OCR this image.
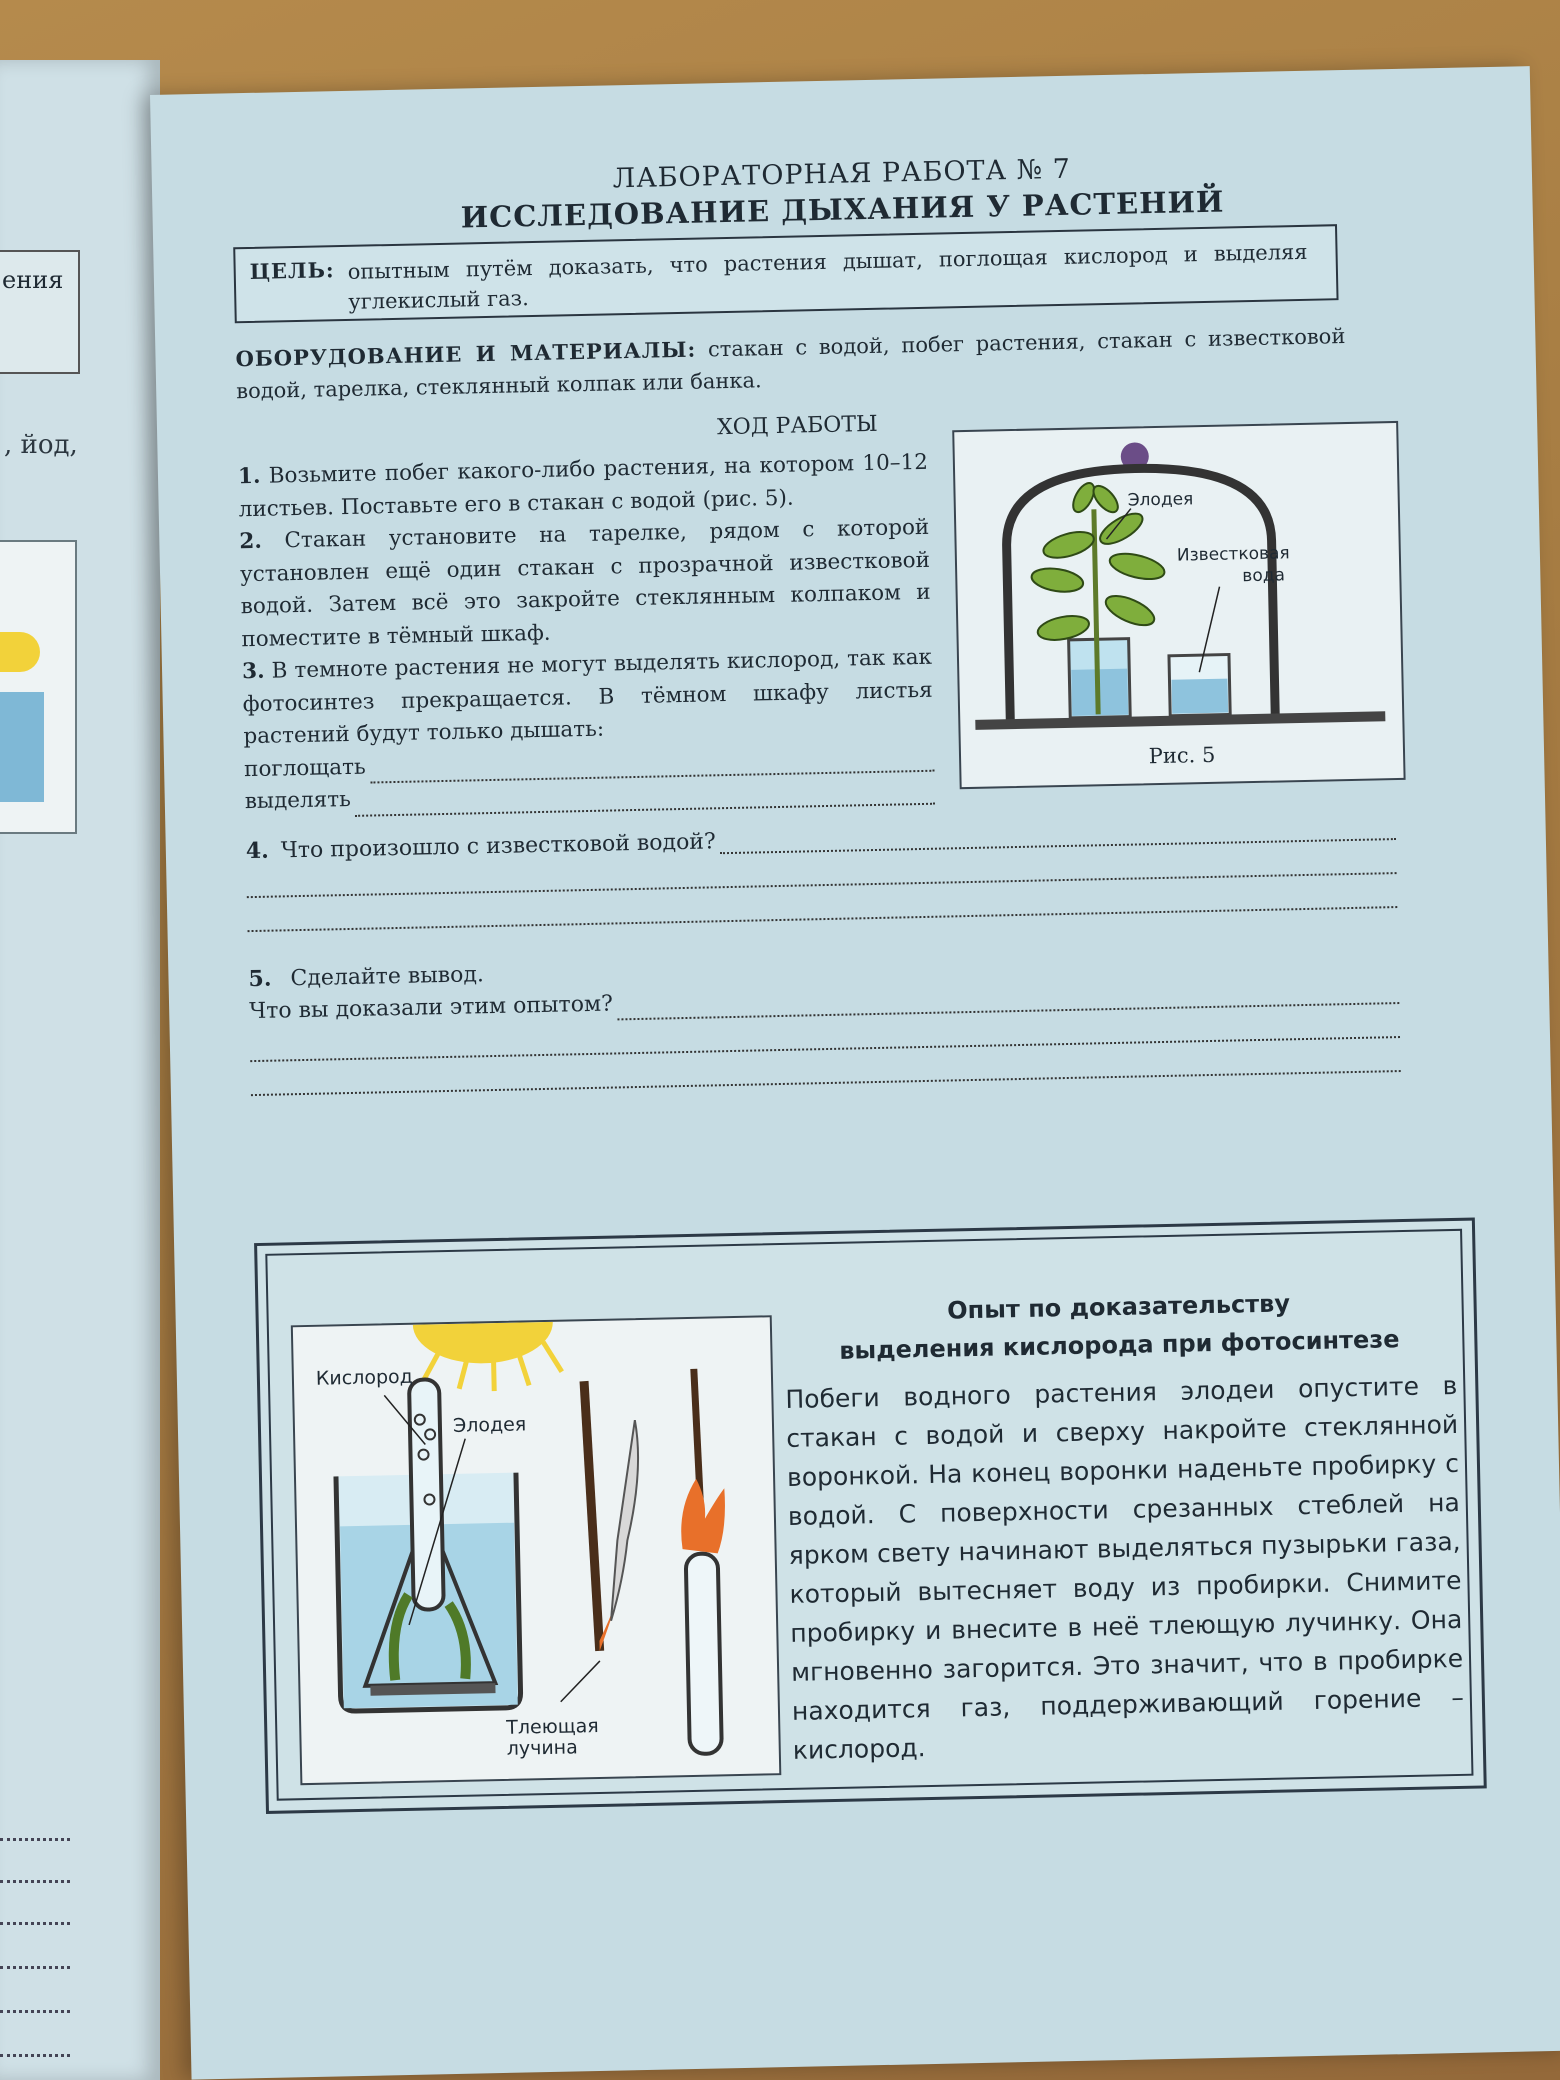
ения
, йод,
ЛАБОРАТОРНАЯ РАБОТА № 7
ИССЛЕДОВАНИЕ ДЫХАНИЯ У РАСТЕНИЙ
ЦЕЛЬ: опытным путём доказать, что растения дышат, поглощая кислород и выделяя углекислый газ.
ОБОРУДОВАНИЕ И МАТЕРИАЛЫ: стакан с водой, побег растения, стакан с известковой водой, тарелка, стеклянный колпак или банка.
ХОД РАБОТЫ

1. Возьмите побег какого-либо растения, на котором 10–12 листьев. Поставьте его в стакан с водой (рис. 5).

2. Стакан установите на тарелке, рядом с которой установлен ещё один стакан с прозрачной известковой водой. Затем всё это закройте стеклянным колпаком и поместите в тёмный шкаф.

3. В темноте растения не могут выделять кислород, так как фотосинтез прекращается. В тёмном шкафу листья растений будут только дышать:

поглощать
выделять
Элодея
Известковая
вода
Рис. 5
4. Что произошло с известковой водой?
5. Сделайте вывод.
Что вы доказали этим опытом?
Кислород
Элодея
Тлеющая
лучина
Опыт по доказательству
выделения кислорода при фотосинтезе
Побеги водного растения элодеи опустите в стакан с водой и сверху накройте стеклянной воронкой. На конец воронки наденьте пробирку с водой. С поверхности срезанных стеблей на ярком свету начинают выделяться пузырьки газа, который вытесняет воду из пробирки. Снимите пробирку и внесите в неё тлеющую лучинку. Она мгновенно загорится. Это значит, что в пробирке находится газ, поддерживающий горение – кислород.
